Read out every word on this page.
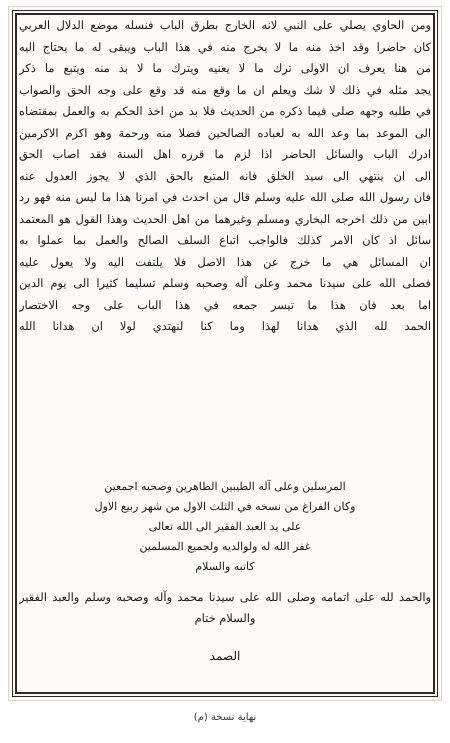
ومن الحاوي يصلي على النبي لانه الخارج بطرق الباب فنسله موضع الدلال العربي
كان حاضرا وقد اخذ منه ما لا يخرج منه في هذا الباب ويبقى له ما يحتاج اليه
من هنا يعرف ان الاولى ترك ما لا يعنيه ويترك ما لا بد منه ويتبع ما ذكر
يجد مثله في ذلك لا شك ويعلم ان ما وقع منه قد وقع على وجه الحق والصواب
في طلبه وجهه صلى فيما ذكره من الحديث فلا بد من اخذ الحكم به والعمل بمقتضاه
الى الموعد بما وعد الله به لعباده الصالحين فضلا منه ورحمة وهو اكرم الاكرمين
ادرك الباب والسائل الحاضر اذا لزم ما قرره اهل السنة فقد اصاب الحق
الى ان ينتهي الى سيد الخلق فانه المتبع بالحق الذي لا يجوز العدول عنه
فان رسول الله صلى الله عليه وسلم قال من احدث في امرنا هذا ما ليس منه فهو رد
ابين من ذلك اخرجه البخاري ومسلم وغيرهما من اهل الحديث وهذا القول هو المعتمد
سائل اذ كان الامر كذلك فالواجب اتباع السلف الصالح والعمل بما عملوا به
ان المسائل هي ما خرج عن هذا الاصل فلا يلتفت اليه ولا يعول عليه
فصلى الله على سيدنا محمد وعلى آله وصحبه وسلم تسليما كثيرا الى يوم الدين
اما بعد فان هذا ما تيسر جمعه في هذا الباب على وجه الاختصار
الحمد لله الذي هدانا لهذا وما كنا لنهتدي لولا ان هدانا الله
المرسلين وعلى آله الطيبين الطاهرين وصحبه اجمعين
وكان الفراغ من نسخه في الثلث الاول من شهر ربيع الاول
على يد العبد الفقير الى الله تعالى
غفر الله له ولوالديه ولجميع المسلمين
كاتبه والسلام
والحمد لله على اتمامه وصلى الله على سيدنا محمد وآله وصحبه وسلم والعبد الفقير
والسلام ختام
الصمد
نهاية نسخة (م)
